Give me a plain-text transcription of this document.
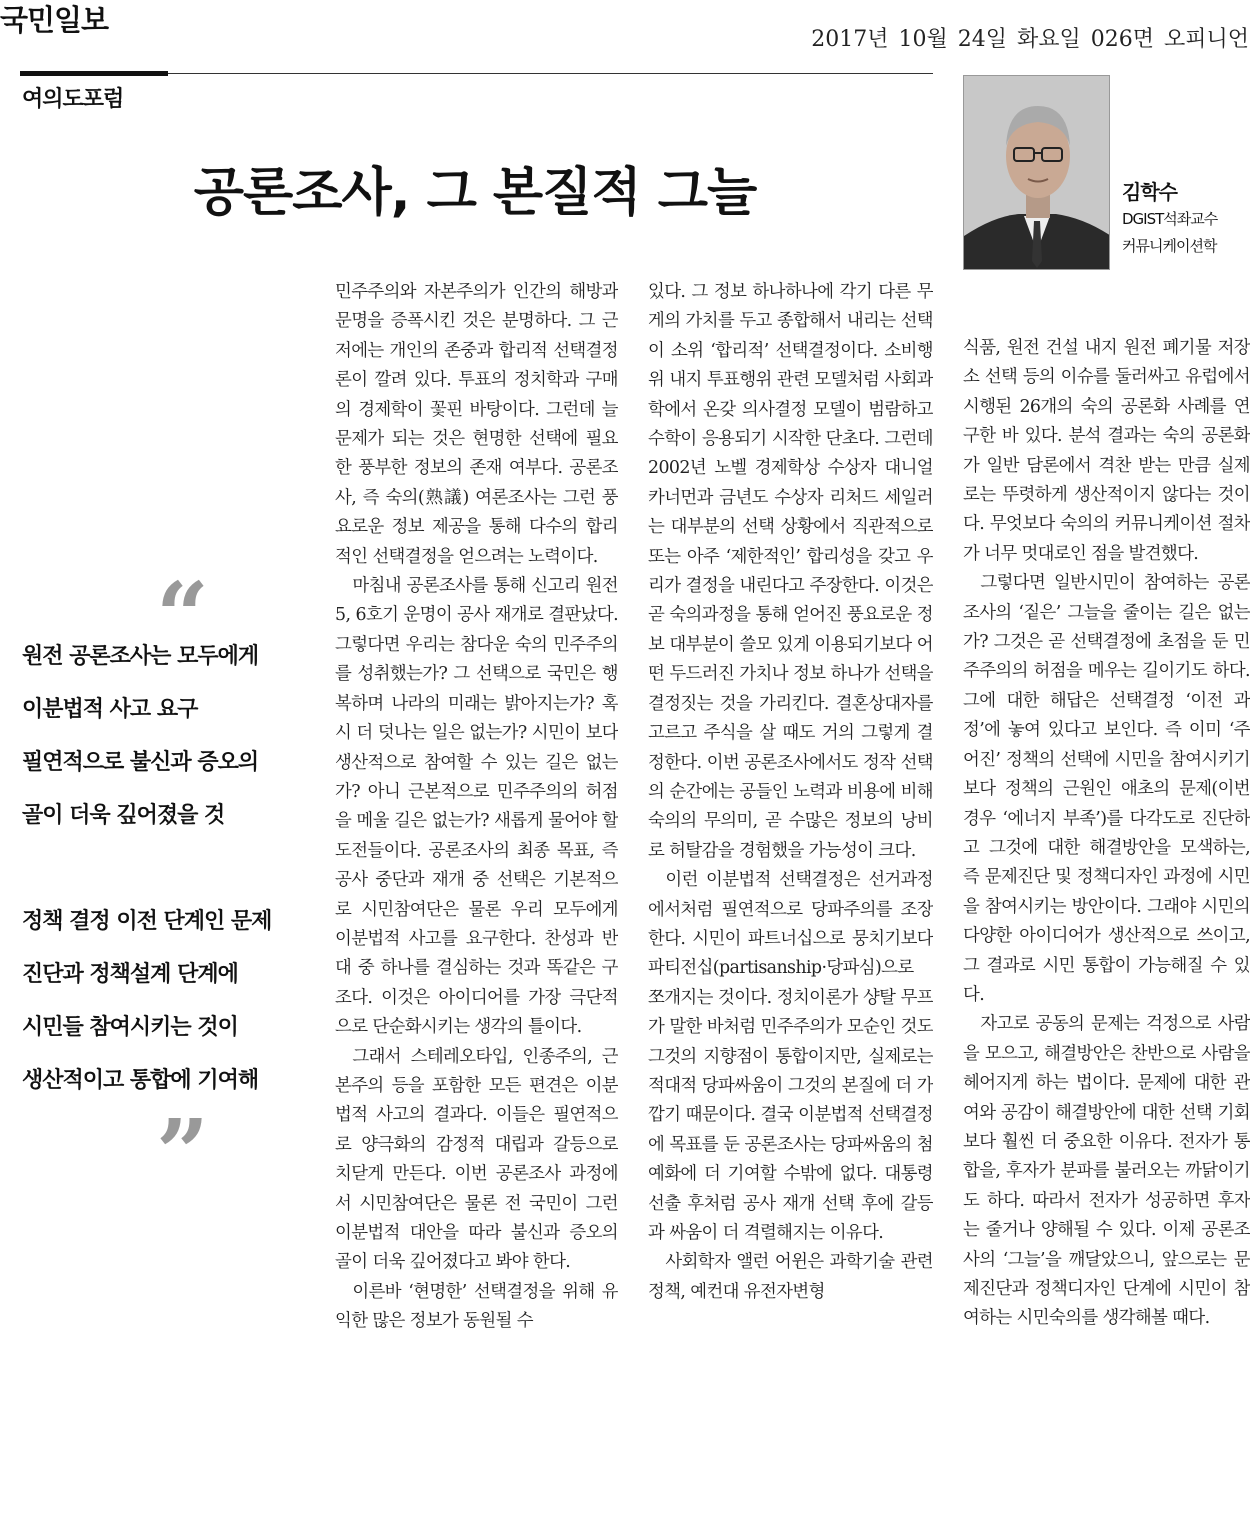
국민일보
2017년 10월 24일 화요일 026면 오피니언
여의도포럼
공론조사, 그 본질적 그늘	김학수
DGIST석좌교수
커뮤니케이션학
“
원전 공론조사는 모두에게
이분법적 사고 요구
필연적으로 불신과 증오의
골이 더욱 깊어졌을 것
정책 결정 이전 단계인 문제
진단과 정책설계 단계에
시민들 참여시키는 것이
생산적이고 통합에 기여해
”

민주주의와 자본주의가 인간의 해방과 문명을 증폭시킨 것은 분명하다. 그 근저에는 개인의 존중과 합리적 선택결정론이 깔려 있다. 투표의 정치학과 구매의 경제학이 꽃핀 바탕이다. 그런데 늘 문제가 되는 것은 현명한 선택에 필요한 풍부한 정보의 존재 여부다. 공론조사, 즉 숙의(熟議) 여론조사는 그런 풍요로운 정보 제공을 통해 다수의 합리적인 선택결정을 얻으려는 노력이다.

마침내 공론조사를 통해 신고리 원전 5, 6호기 운명이 공사 재개로 결판났다. 그렇다면 우리는 참다운 숙의 민주주의를 성취했는가? 그 선택으로 국민은 행복하며 나라의 미래는 밝아지는가? 혹시 더 덧나는 일은 없는가? 시민이 보다 생산적으로 참여할 수 있는 길은 없는가? 아니 근본적으로 민주주의의 허점을 메울 길은 없는가? 새롭게 물어야 할 도전들이다. 공론조사의 최종 목표, 즉 공사 중단과 재개 중 선택은 기본적으로 시민참여단은 물론 우리 모두에게 이분법적 사고를 요구한다. 찬성과 반대 중 하나를 결심하는 것과 똑같은 구조다. 이것은 아이디어를 가장 극단적으로 단순화시키는 생각의 틀이다.

그래서 스테레오타입, 인종주의, 근본주의 등을 포함한 모든 편견은 이분법적 사고의 결과다. 이들은 필연적으로 양극화의 감정적 대립과 갈등으로 치닫게 만든다. 이번 공론조사 과정에서 시민참여단은 물론 전 국민이 그런 이분법적 대안을 따라 불신과 증오의 골이 더욱 깊어졌다고 봐야 한다.

이른바 ‘현명한’ 선택결정을 위해 유익한 많은 정보가 동원될 수

있다. 그 정보 하나하나에 각기 다른 무게의 가치를 두고 종합해서 내리는 선택이 소위 ‘합리적’ 선택결정이다. 소비행위 내지 투표행위 관련 모델처럼 사회과학에서 온갖 의사결정 모델이 범람하고 수학이 응용되기 시작한 단초다. 그런데 2002년 노벨 경제학상 수상자 대니얼 카너먼과 금년도 수상자 리처드 세일러는 대부분의 선택 상황에서 직관적으로 또는 아주 ‘제한적인’ 합리성을 갖고 우리가 결정을 내린다고 주장한다. 이것은 곧 숙의과정을 통해 얻어진 풍요로운 정보 대부분이 쓸모 있게 이용되기보다 어떤 두드러진 가치나 정보 하나가 선택을 결정짓는 것을 가리킨다. 결혼상대자를 고르고 주식을 살 때도 거의 그렇게 결정한다. 이번 공론조사에서도 정작 선택의 순간에는 공들인 노력과 비용에 비해 숙의의 무의미, 곧 수많은 정보의 낭비로 허탈감을 경험했을 가능성이 크다.

이런 이분법적 선택결정은 선거과정에서처럼 필연적으로 당파주의를 조장한다. 시민이 파트너십으로 뭉치기보다 파티전십(partisanship·당파심)으로 쪼개지는 것이다. 정치이론가 샹탈 무프가 말한 바처럼 민주주의가 모순인 것도 그것의 지향점이 통합이지만, 실제로는 적대적 당파싸움이 그것의 본질에 더 가깝기 때문이다. 결국 이분법적 선택결정에 목표를 둔 공론조사는 당파싸움의 첨예화에 더 기여할 수밖에 없다. 대통령 선출 후처럼 공사 재개 선택 후에 갈등과 싸움이 더 격렬해지는 이유다.

사회학자 앨런 어윈은 과학기술 관련 정책, 예컨대 유전자변형

식품, 원전 건설 내지 원전 폐기물 저장소 선택 등의 이슈를 둘러싸고 유럽에서 시행된 26개의 숙의 공론화 사례를 연구한 바 있다. 분석 결과는 숙의 공론화가 일반 담론에서 격찬 받는 만큼 실제로는 뚜렷하게 생산적이지 않다는 것이다. 무엇보다 숙의의 커뮤니케이션 절차가 너무 멋대로인 점을 발견했다.

그렇다면 일반시민이 참여하는 공론조사의 ‘짙은’ 그늘을 줄이는 길은 없는가? 그것은 곧 선택결정에 초점을 둔 민주주의의 허점을 메우는 길이기도 하다. 그에 대한 해답은 선택결정 ‘이전 과정’에 놓여 있다고 보인다. 즉 이미 ‘주어진’ 정책의 선택에 시민을 참여시키기보다 정책의 근원인 애초의 문제(이번 경우 ‘에너지 부족’)를 다각도로 진단하고 그것에 대한 해결방안을 모색하는, 즉 문제진단 및 정책디자인 과정에 시민을 참여시키는 방안이다. 그래야 시민의 다양한 아이디어가 생산적으로 쓰이고, 그 결과로 시민 통합이 가능해질 수 있다.

자고로 공동의 문제는 걱정으로 사람을 모으고, 해결방안은 찬반으로 사람을 헤어지게 하는 법이다. 문제에 대한 관여와 공감이 해결방안에 대한 선택 기회보다 훨씬 더 중요한 이유다. 전자가 통합을, 후자가 분파를 불러오는 까닭이기도 하다. 따라서 전자가 성공하면 후자는 줄거나 양해될 수 있다. 이제 공론조사의 ‘그늘’을 깨달았으니, 앞으로는 문제진단과 정책디자인 단계에 시민이 참여하는 시민숙의를 생각해볼 때다.
